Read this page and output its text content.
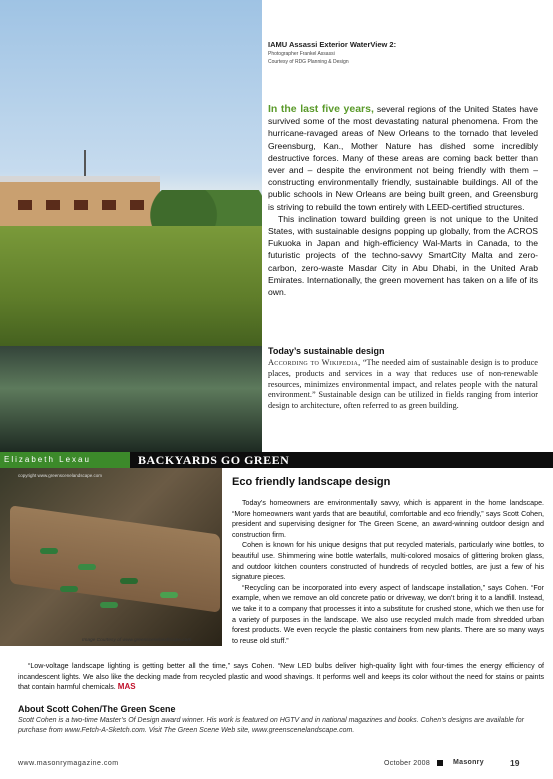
IAMU Assassi Exterior WaterView 2:
Photographer Frankel Assassi
Courtesy of RDG Planning & Design

In the last five years, several regions of the United States have survived some of the most devastating natural phenomena. From the hurricane-ravaged areas of New Orleans to the tornado that leveled Greensburg, Kan., Mother Nature has dished some incredibly destructive forces. Many of these areas are coming back better than ever and – despite the environment not being friendly with them – constructing environmentally friendly, sustainable buildings. All of the public schools in New Orleans are being built green, and Greensburg is striving to rebuild the town entirely with LEED-certified structures.

This inclination toward building green is not unique to the United States, with sustainable designs popping up globally, from the ACROS Fukuoka in Japan and high-efficiency Wal-Marts in Canada, to the futuristic projects of the techno-savvy SmartCity Malta and zero-carbon, zero-waste Masdar City in Abu Dhabi, in the United Arab Emirates. Internationally, the green movement has taken on a life of its own.

Today’s sustainable design
According to Wikipedia, “The needed aim of sustainable design is to produce places, products and services in a way that reduces use of non-renewable resources, minimizes environmental impact, and relates people with the natural environment.” Sustainable design can be utilized in fields ranging from interior design to architecture, often referred to as green building.
Elizabeth Lexau	BACKYARDS GO GREEN
copyright www.greenscenelandscape.com
Image Courtesy of www.greenscenelandscape.com
Eco friendly landscape design

Today’s homeowners are environmentally savvy, which is apparent in the home landscape. “More homeowners want yards that are beautiful, comfortable and eco friendly,” says Scott Cohen, president and supervising designer for The Green Scene, an award-winning outdoor design and construction firm.

Cohen is known for his unique designs that put recycled materials, particularly wine bottles, to beautiful use. Shimmering wine bottle waterfalls, multi-colored mosaics of glittering broken glass, and outdoor kitchen counters constructed of hundreds of recycled bottles, are just a few of his signature pieces.

“Recycling can be incorporated into every aspect of landscape installation,” says Cohen. “For example, when we remove an old concrete patio or driveway, we don’t bring it to a landfill. Instead, we take it to a company that processes it into a substitute for crushed stone, which we then use for a variety of purposes in the landscape. We also use recycled mulch made from shredded urban forest products. We even recycle the plastic containers from new plants. There are so many ways to reuse old stuff.”

“Low-voltage landscape lighting is getting better all the time,” says Cohen. “New LED bulbs deliver high-quality light with four-times the energy efficiency of incandescent lights. We also like the decking made from recycled plastic and wood shavings. It performs well and keeps its color without the need for stains or paints that contain harmful chemicals. MAS

About Scott Cohen/The Green Scene
Scott Cohen is a two-time Master’s Of Design award winner. His work is featured on HGTV and in national magazines and books. Cohen’s designs are available for purchase from www.Fetch-A-Sketch.com. Visit The Green Scene Web site, www.greenscenelandscape.com.
www.masonrymagazine.com	October 2008	Masonry	19
